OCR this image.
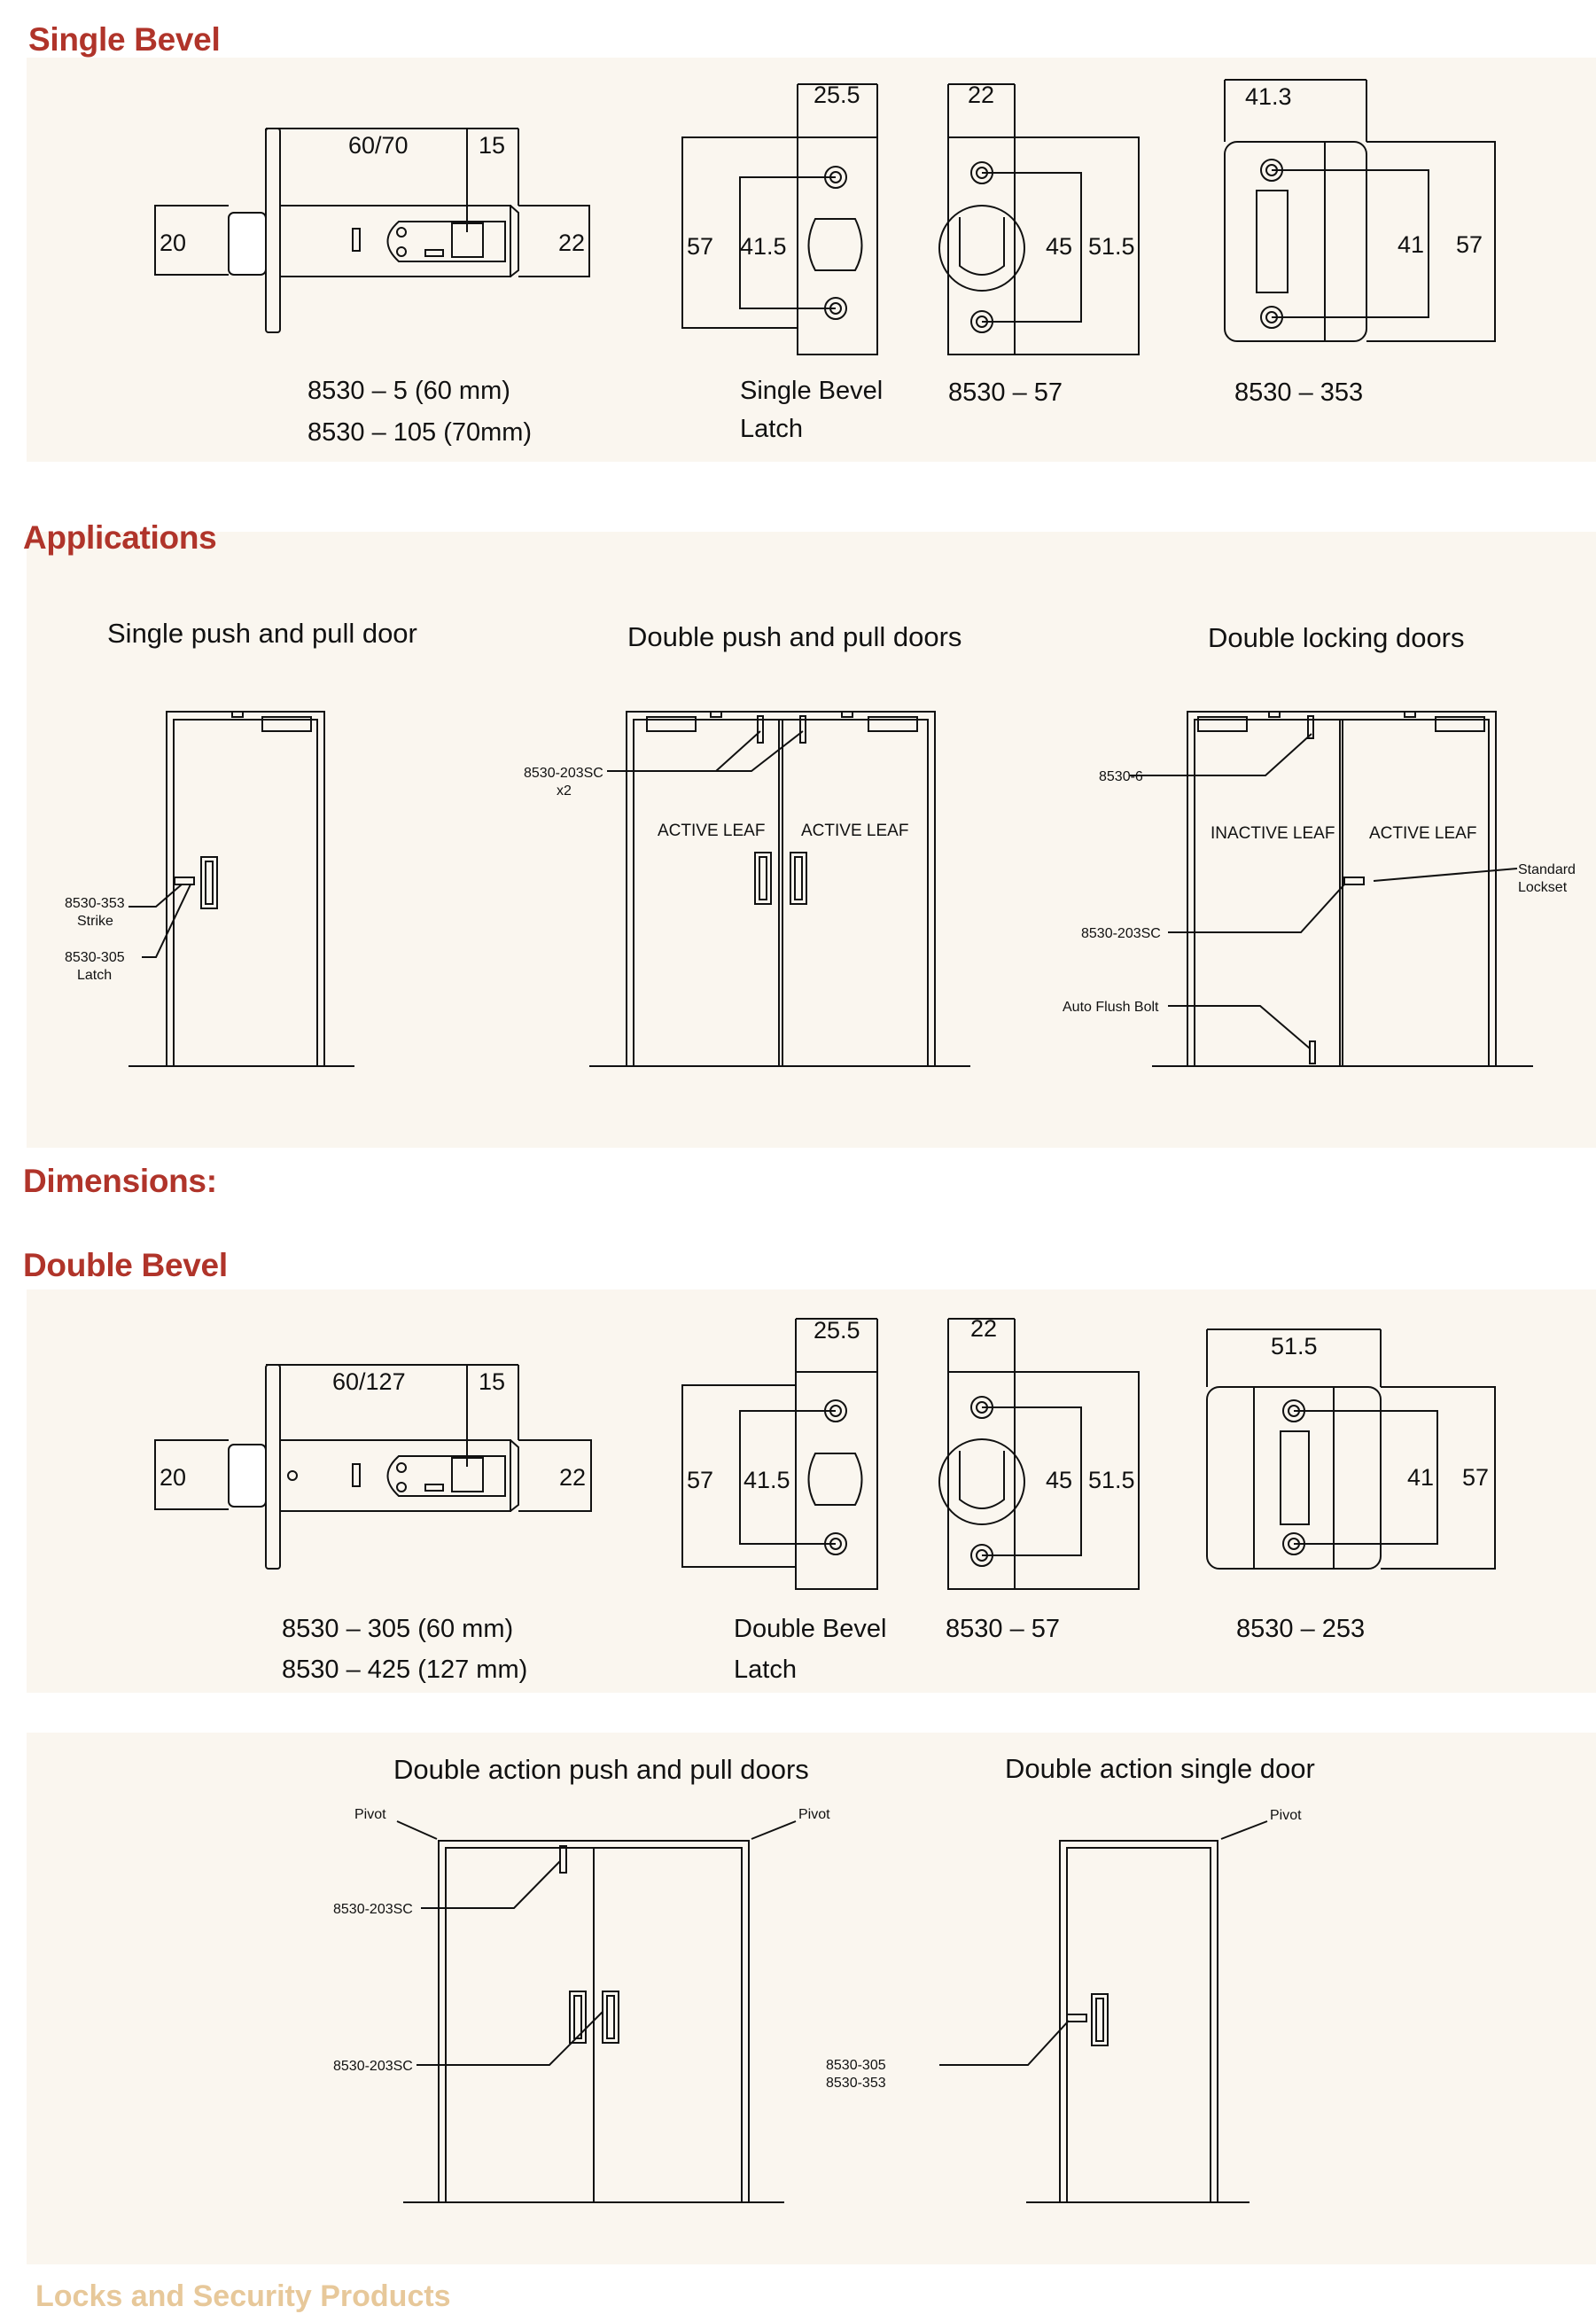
Single Bevel
Applications
Dimensions:
Double Bevel
60/70	15
20	22
8530 – 5 (60 mm)
8530 – 105 (70mm)
25.5
57 41.5
Single Bevel
Latch
22
45 51.5
8530 – 57
41.3
41 57
8530 – 353
Single push and pull door	Double push and pull doors	Double locking doors
8530-353
Strike
8530-305
Latch
8530-203SC
x2
ACTIVE LEAF ACTIVE LEAF
8530-6
8530-203SC
Auto Flush Bolt
Standard
Lockset
INACTIVE LEAF ACTIVE LEAF
60/127	15
20	22
8530 – 305 (60 mm)
8530 – 425 (127 mm)
25.5
57 41.5
Double Bevel
Latch
22
45 51.5
8530 – 57
51.5
41 57
8530 – 253
Double action push and pull doors	Double action single door
Pivot	Pivot
8530-203SC
8530-203SC
Pivot
8530-305
8530-353
Locks and Security Products
